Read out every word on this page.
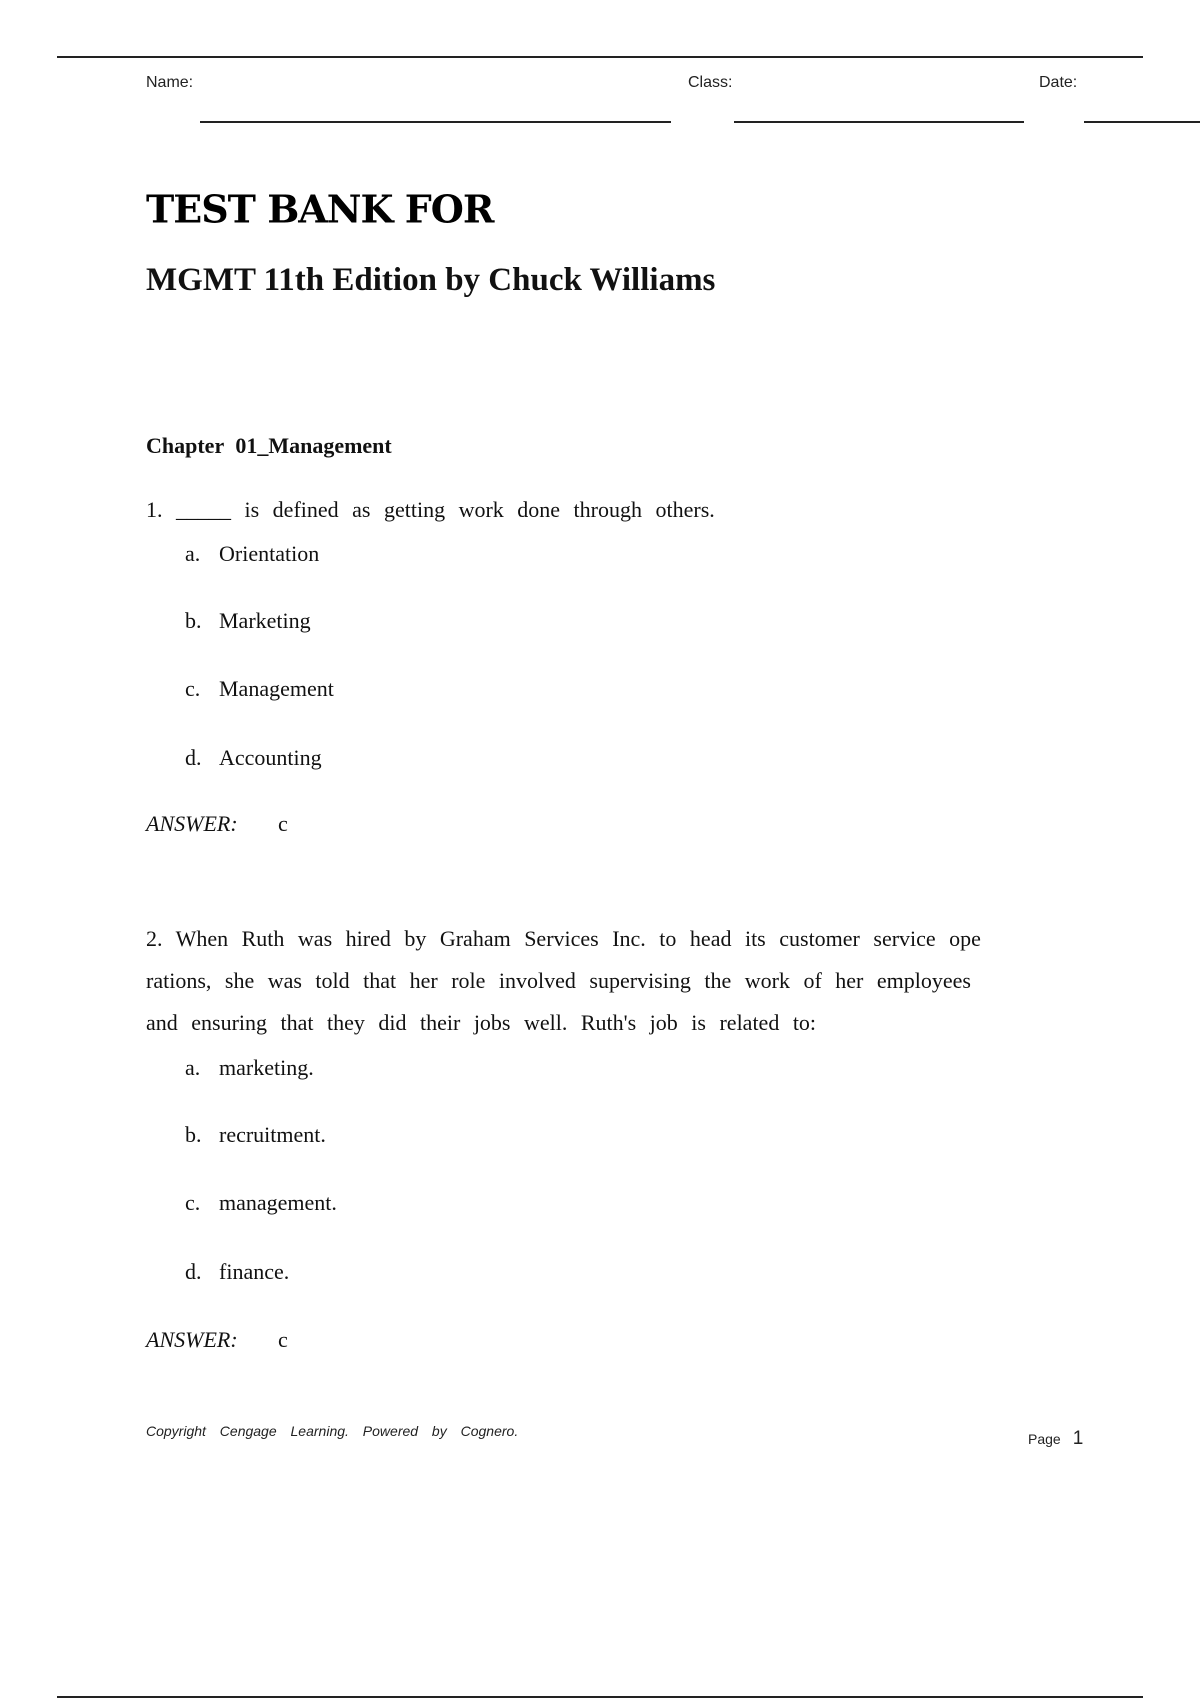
Name:	Class:	Date:
TEST BANK FOR
MGMT 11th Edition by Chuck Williams
Chapter 01_Management
1. _____ is defined as getting work done through others.
a. Orientation
b. Marketing
c. Management
d. Accounting
ANSWER: c
2. When Ruth was hired by Graham Services Inc. to head its customer service ope
rations, she was told that her role involved supervising the work of her employees
and ensuring that they did their jobs well. Ruth's job is related to:
a. marketing.
b. recruitment.
c. management.
d. finance.
ANSWER: c
Copyright Cengage Learning. Powered by Cognero.	Page 1
